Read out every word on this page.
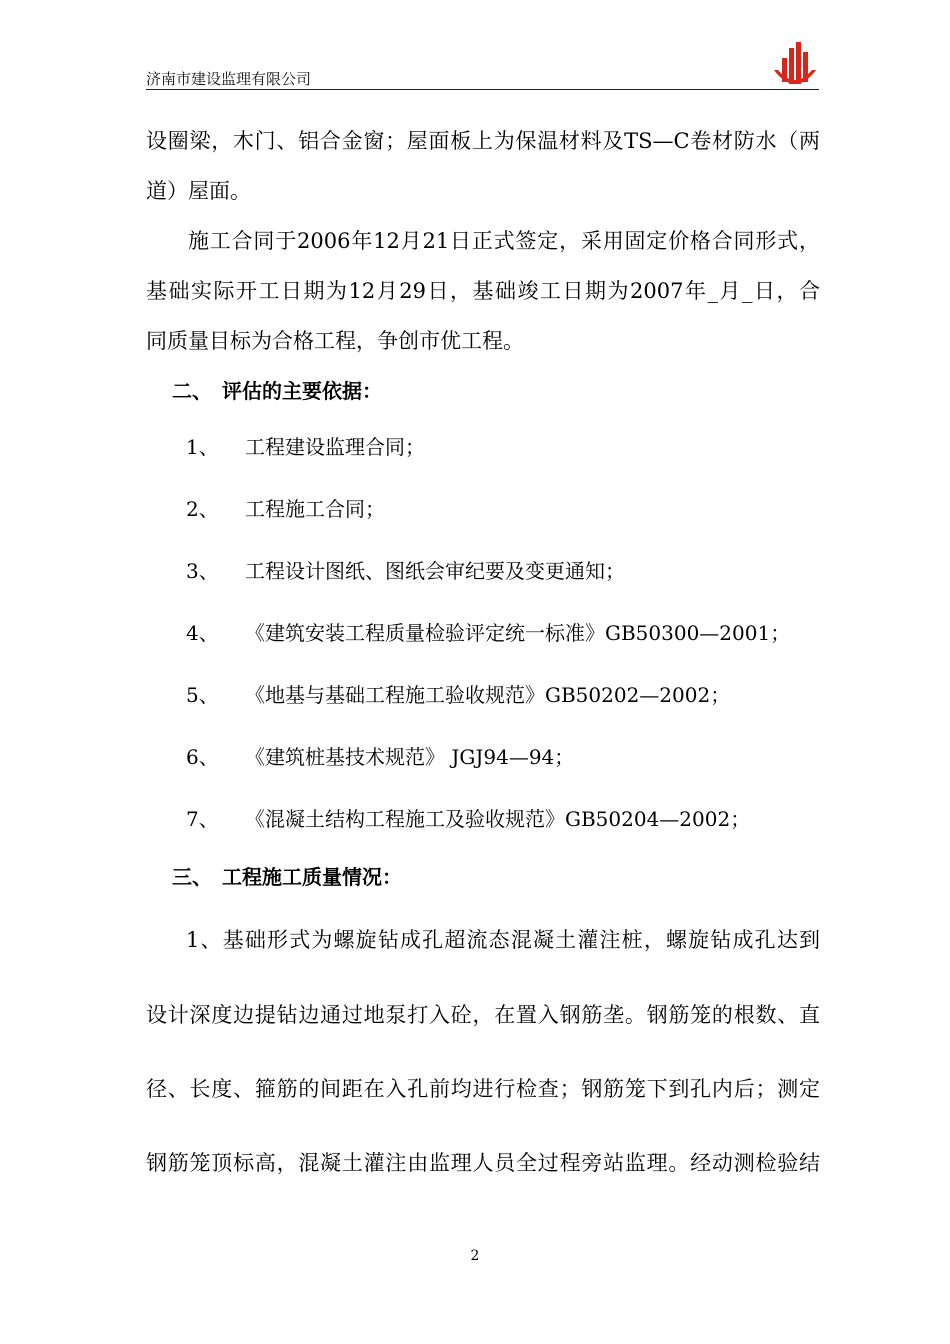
济南市建设监理有限公司
设圈梁，木门、铝合金窗；屋面板上为保温材料及TS—C卷材防水（两
道）屋面。
施工合同于2006年12月21日正式签定，采用固定价格合同形式，
基础实际开工日期为12月29日，基础竣工日期为2007年_月_日，合
同质量目标为合格工程，争创市优工程。
二、　评估的主要依据：
1、 工程建设监理合同；
2、 工程施工合同；
3、 工程设计图纸、图纸会审纪要及变更通知；
4、 《建筑安装工程质量检验评定统一标准》GB50300—2001；
5、 《地基与基础工程施工验收规范》GB50202—2002；
6、 《建筑桩基技术规范》 JGJ94—94；
7、 《混凝土结构工程施工及验收规范》GB50204—2002；
三、　工程施工质量情况：
1、基础形式为螺旋钻成孔超流态混凝土灌注桩，螺旋钻成孔达到
设计深度边提钻边通过地泵打入砼，在置入钢筋垄。钢筋笼的根数、直
径、长度、箍筋的间距在入孔前均进行检查；钢筋笼下到孔内后；测定
钢筋笼顶标高，混凝土灌注由监理人员全过程旁站监理。经动测检验结
2
